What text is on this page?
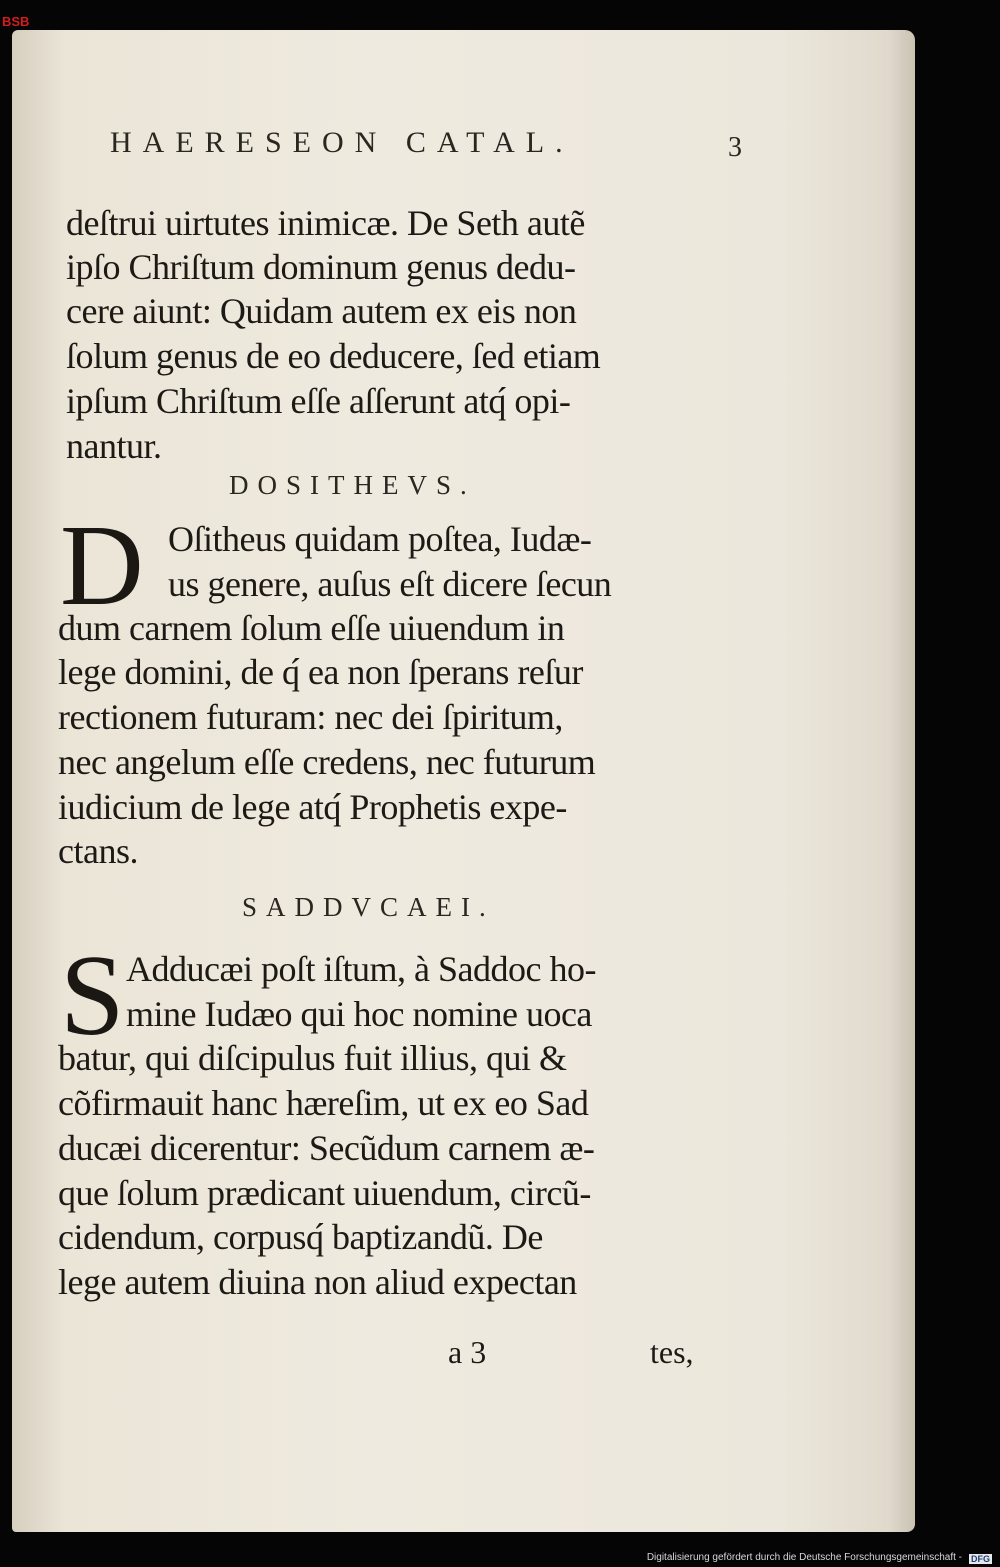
BSB
HAERESEON CATAL.	3
deſtrui uirtutes inimicæ. De Seth autẽ
ipſo Chriſtum dominum genus dedu-
cere aiunt: Quidam autem ex eis non
ſolum genus de eo deducere, ſed etiam
ipſum Chriſtum eſſe aſſerunt atq́ opi-
nantur.
DOSITHEVS.
D Oſitheus quidam poſtea, Iudæ-
us genere, auſus eſt dicere ſecun
dum carnem ſolum eſſe uiuendum in
lege domini, de q́ ea non ſperans reſur
rectionem futuram: nec dei ſpiritum,
nec angelum eſſe credens, nec futurum
iudicium de lege atq́ Prophetis expe-
ctans.
SADDVCAEI.
S Adducæi poſt iſtum, à Saddoc ho-
mine Iudæo qui hoc nomine uoca
batur, qui diſcipulus fuit illius, qui &
cõfirmauit hanc hæreſim, ut ex eo Sad
ducæi dicerentur: Secũdum carnem æ-
que ſolum prædicant uiuendum, circũ-
cidendum, corpusq́ baptizandũ. De
lege autem diuina non aliud expectan
a 3	tes,
Digitalisierung gefördert durch die Deutsche Forschungsgemeinschaft - DFG
